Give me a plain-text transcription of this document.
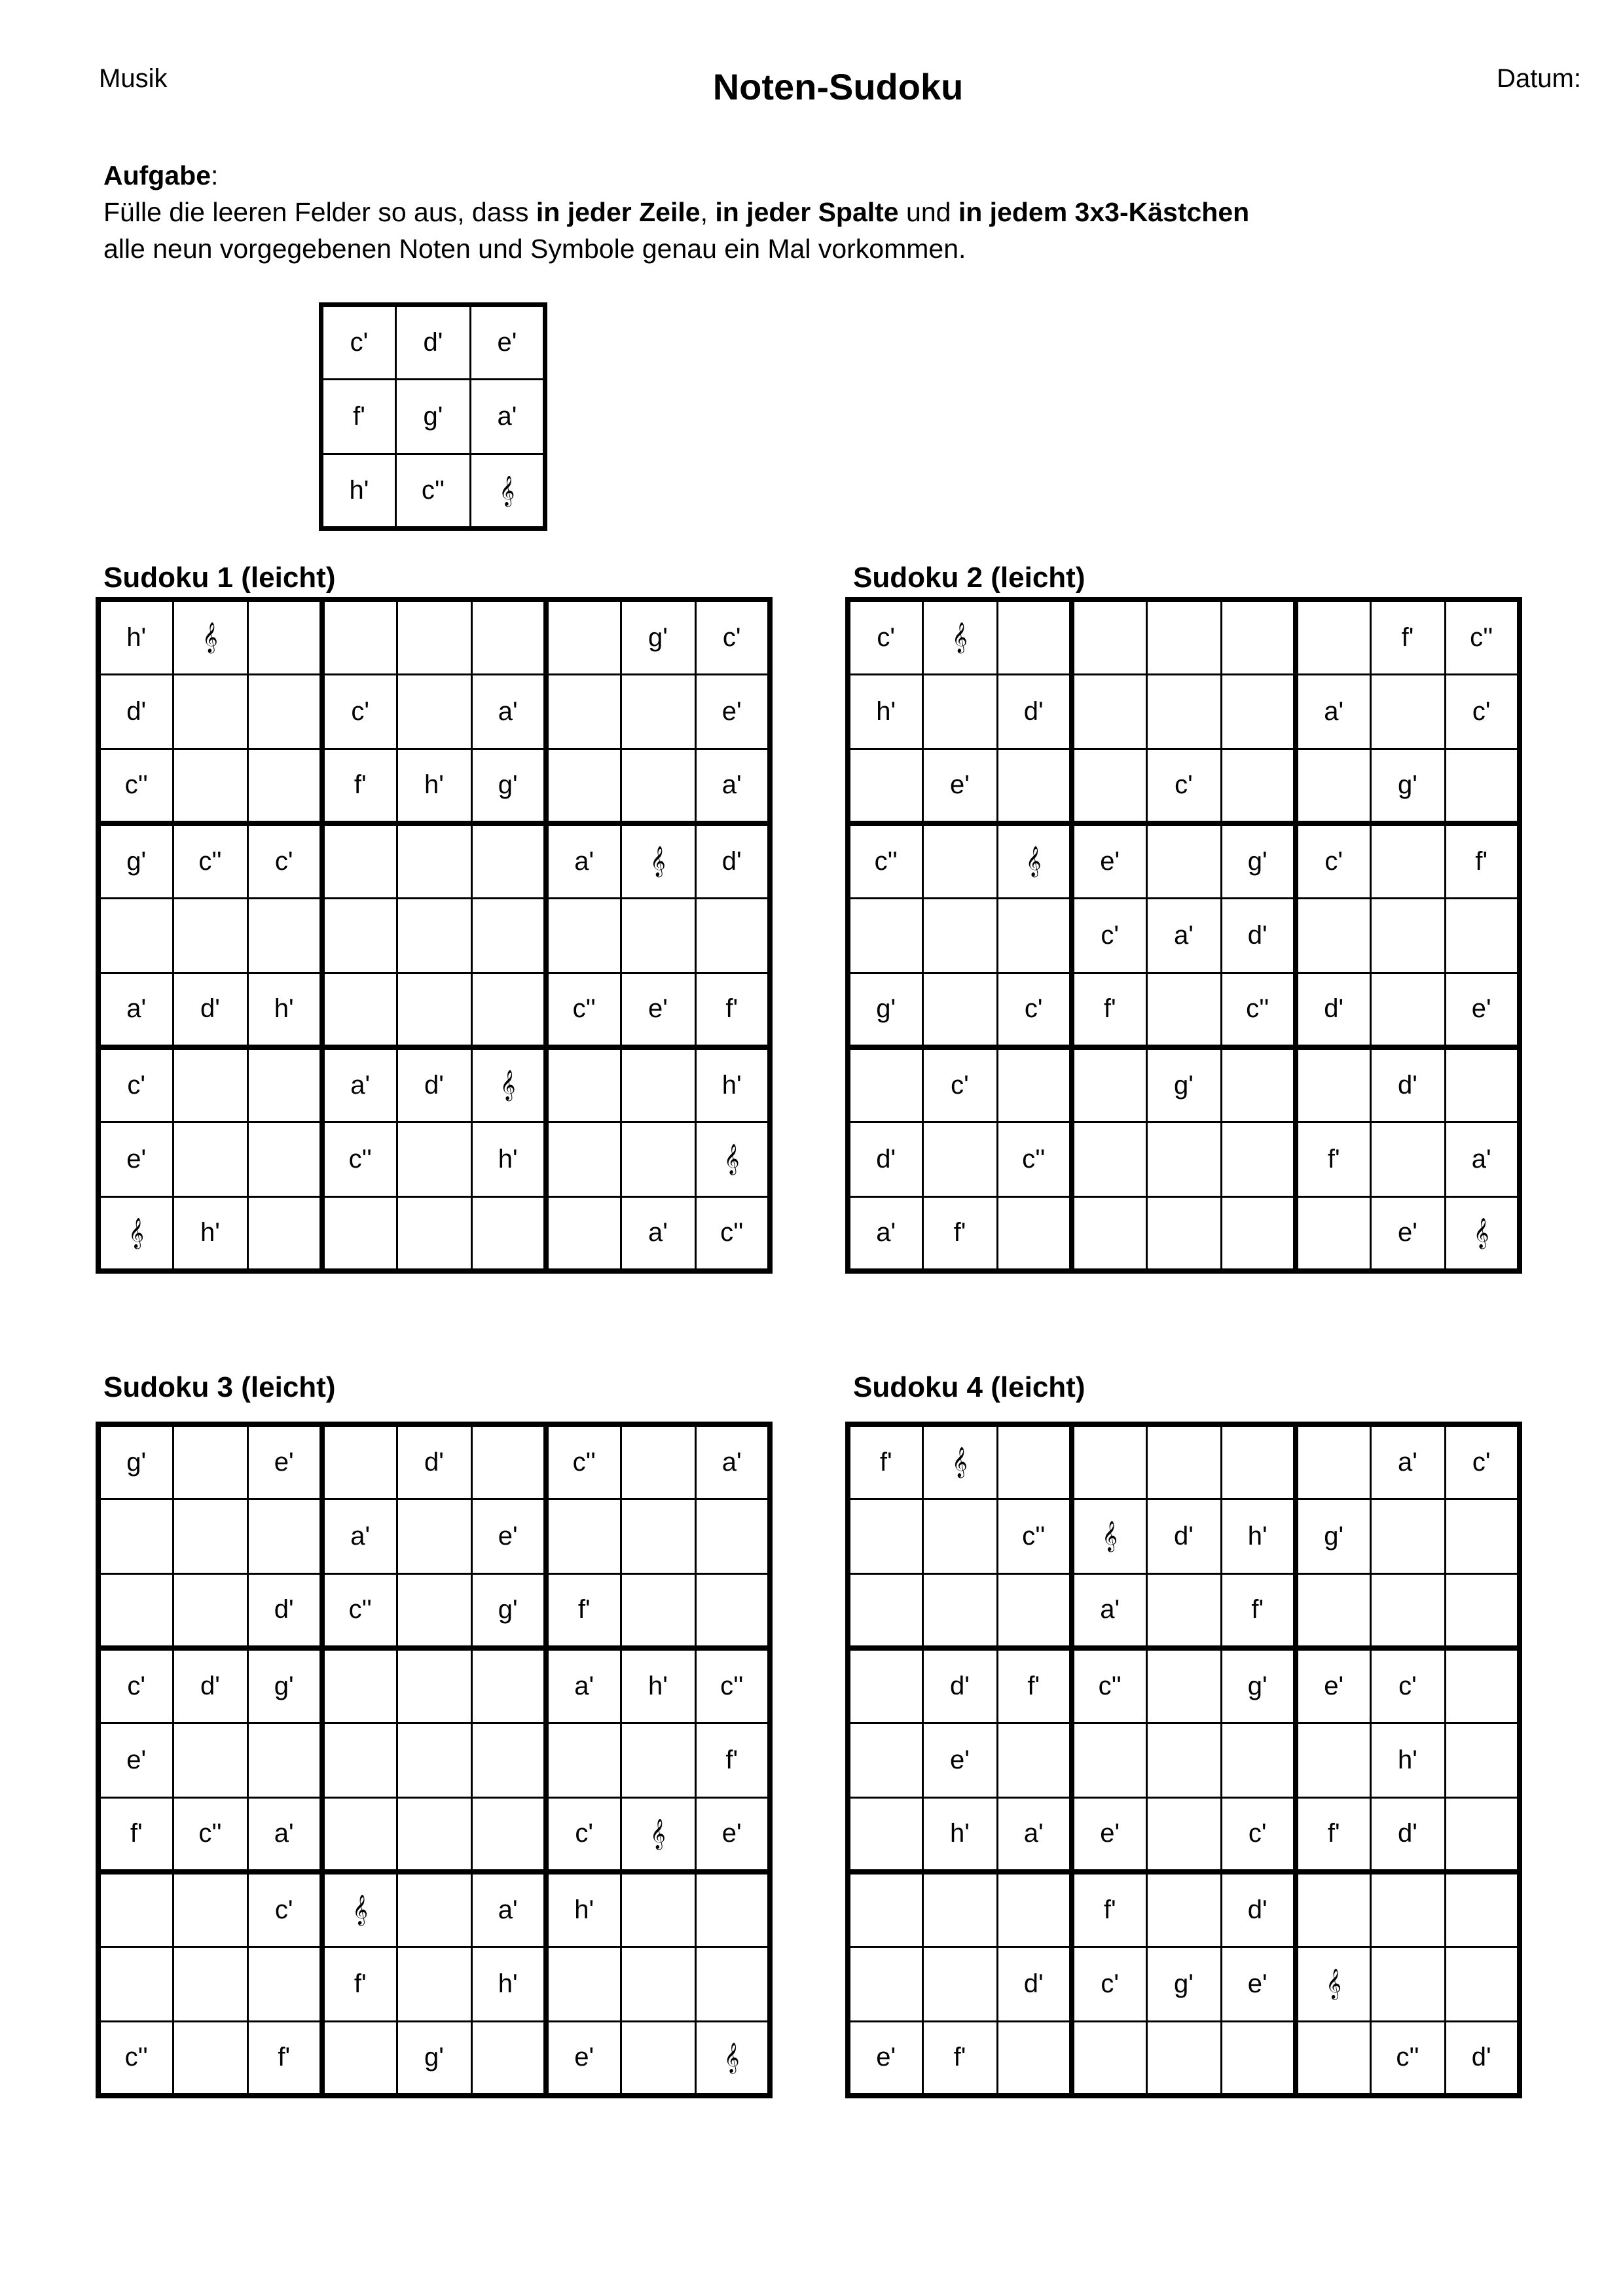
Musik	Noten-Sudoku	Datum:
Aufgabe:
Fülle die leeren Felder so aus, dass in jeder Zeile, in jeder Spalte und in jedem 3x3-Kästchen
alle neun vorgegebenen Noten und Symbole genau ein Mal vorkommen.
c'	d'	e'
f'	g'	a'
h'	c''	𝄞
Sudoku 1 (leicht)
h'	𝄞						g'	c'
d'			c'		a'			e'
c''			f'	h'	g'			a'
g'	c''	c'				a'	𝄞	d'

a'	d'	h'				c''	e'	f'
c'			a'	d'	𝄞			h'
e'			c''		h'			𝄞
𝄞	h'						a'	c''
Sudoku 2 (leicht)
c'	𝄞						f'	c''
h'		d'				a'		c'
	e'			c'			g'	
c''		𝄞	e'		g'	c'		f'
			c'	a'	d'			
g'		c'	f'		c''	d'		e'
	c'			g'			d'	
d'		c''				f'		a'
a'	f'						e'	𝄞
Sudoku 3 (leicht)
g'		e'		d'		c''		a'
			a'		e'			
		d'	c''		g'	f'		
c'	d'	g'				a'	h'	c''
e'								f'
f'	c''	a'				c'	𝄞	e'
		c'	𝄞		a'	h'		
			f'		h'			
c''		f'		g'		e'		𝄞
Sudoku 4 (leicht)
f'	𝄞						a'	c'
		c''	𝄞	d'	h'	g'		
			a'		f'			
	d'	f'	c''		g'	e'	c'	
	e'						h'	
	h'	a'	e'		c'	f'	d'	
			f'		d'			
		d'	c'	g'	e'	𝄞		
e'	f'						c''	d'
